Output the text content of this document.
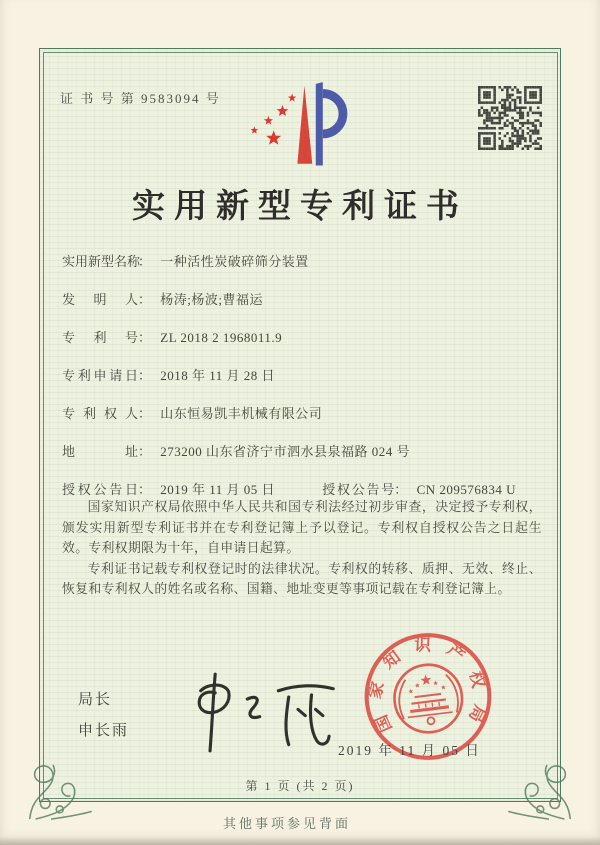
证 书 号 第 9583094 号
实用新型专利证书
实用新型名称： 一种活性炭破碎筛分装置
发明人： 杨涛;杨波;曹福运
专利号： ZL 2018 2 1968011.9
专利申请日： 2018 年 11 月 28 日
专利权人： 山东恒易凯丰机械有限公司
地址： 273200 山东省济宁市泗水县泉福路 024 号
授权公告日： 2019 年 11 月 05 日	授权公告号： CN 209576834 U

国家知识产权局依照中华人民共和国专利法经过初步审查，决定授予专利权，颁发实用新型专利证书并在专利登记簿上予以登记。专利权自授权公告之日起生效。专利权期限为十年，自申请日起算。

专利证书记载专利权登记时的法律状况。专利权的转移、质押、无效、终止、恢复和专利权人的姓名或名称、国籍、地址变更等事项记载在专利登记簿上。

局长
申长雨	国家知识产权局
2019 年 11 月 05 日
第 1 页 (共 2 页)
其他事项参见背面
